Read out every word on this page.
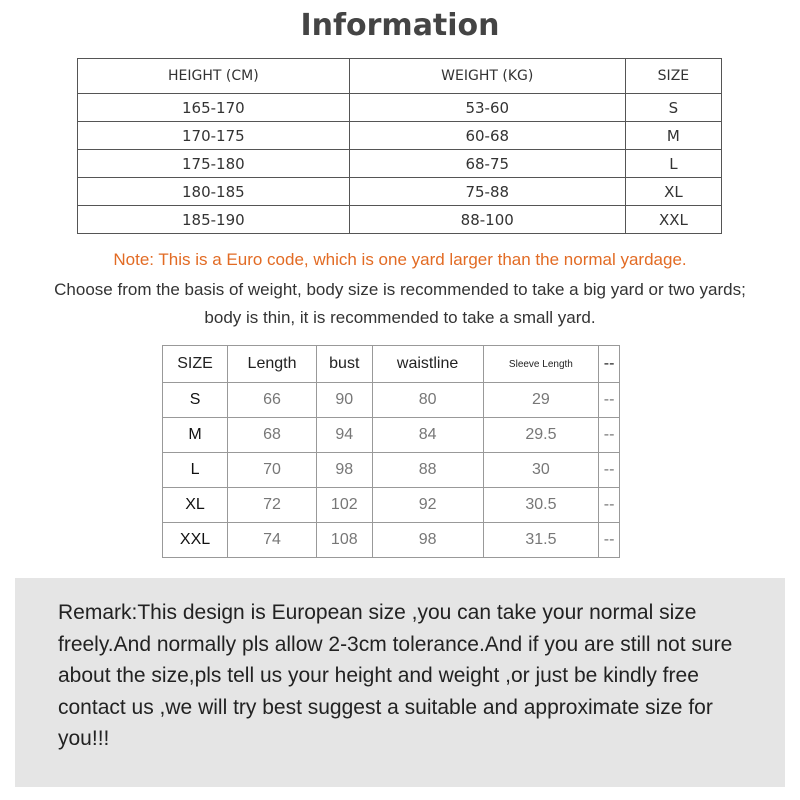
Information
HEIGHT (CM)	WEIGHT (KG)	SIZE
165-170	53-60	S
170-175	60-68	M
175-180	68-75	L
180-185	75-88	XL
185-190	88-100	XXL
Note: This is a Euro code, which is one yard larger than the normal yardage.
Choose from the basis of weight, body size is recommended to take a big yard or two yards; body is thin, it is recommended to take a small yard.
SIZE	Length	bust	waistline	Sleeve Length	--
S	66	90	80	29	--
M	68	94	84	29.5	--
L	70	98	88	30	--
XL	72	102	92	30.5	--
XXL	74	108	98	31.5	--
Remark:This design is European size ,you can take your normal size freely.And normally pls allow 2-3cm tolerance.And if you are still not sure about the size,pls tell us your height and weight ,or just be kindly free contact us ,we will try best suggest a suitable and approximate size for you!!!
